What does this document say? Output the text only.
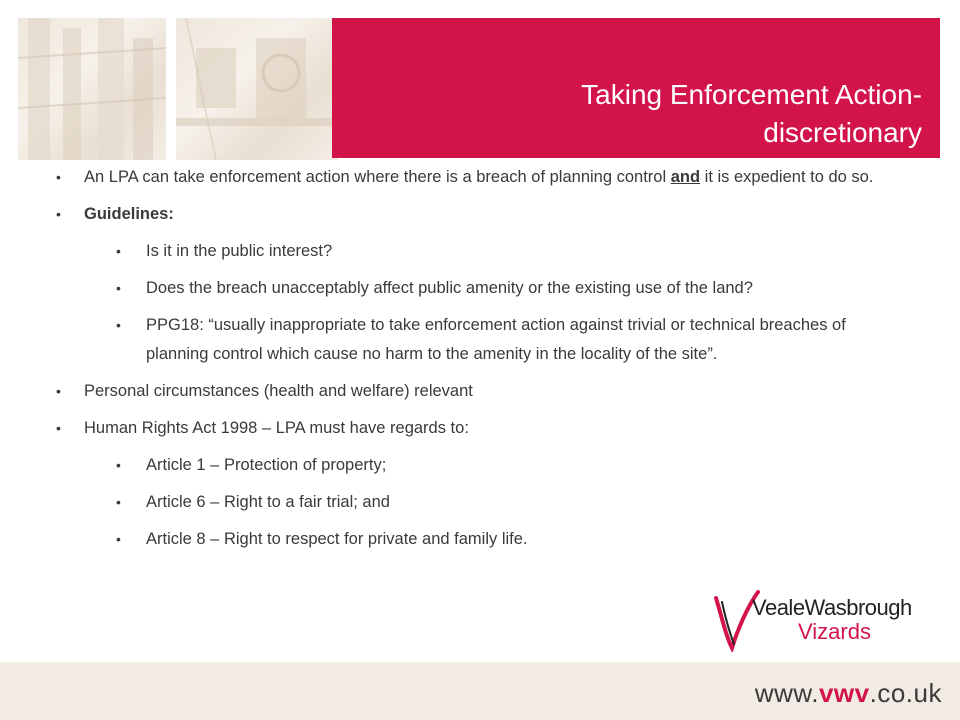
Taking Enforcement Action-
discretionary
• An LPA can take enforcement action where there is a breach of planning control and it is expedient to do so.
• Guidelines:
• Is it in the public interest?
• Does the breach unacceptably affect public amenity or the existing use of the land?
• PPG18: “usually inappropriate to take enforcement action against trivial or technical breaches of planning control which cause no harm to the amenity in the locality of the site”.
• Personal circumstances (health and welfare) relevant
• Human Rights Act 1998 – LPA must have regards to:
• Article 1 – Protection of property;
• Article 6 – Right to a fair trial; and
• Article 8 – Right to respect for private and family life.
VealeWasbrough
Vizards
www.vwv.co.uk
